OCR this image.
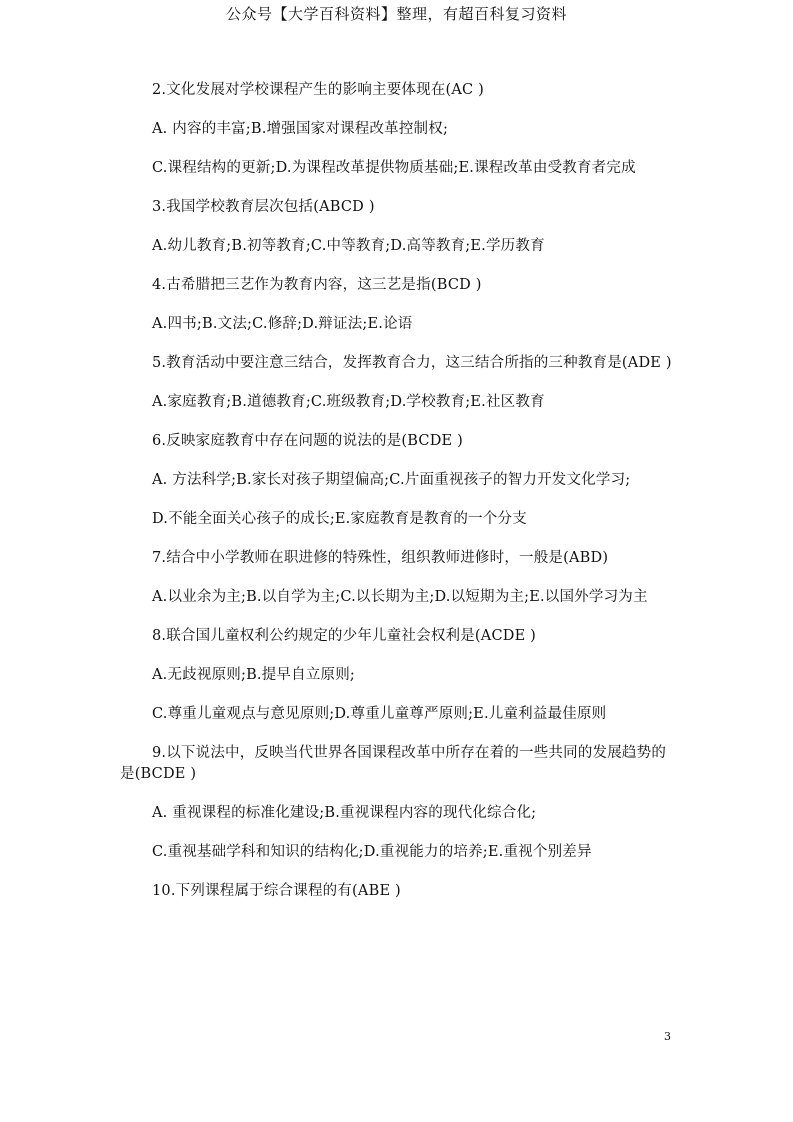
公众号【大学百科资料】整理，有超百科复习资料

2.文化发展对学校课程产生的影响主要体现在(AC )

A. 内容的丰富;B.增强国家对课程改革控制权;

C.课程结构的更新;D.为课程改革提供物质基础;E.课程改革由受教育者完成

3.我国学校教育层次包括(ABCD )

A.幼儿教育;B.初等教育;C.中等教育;D.高等教育;E.学历教育

4.古希腊把三艺作为教育内容，这三艺是指(BCD )

A.四书;B.文法;C.修辞;D.辩证法;E.论语

5.教育活动中要注意三结合，发挥教育合力，这三结合所指的三种教育是(ADE )

A.家庭教育;B.道德教育;C.班级教育;D.学校教育;E.社区教育

6.反映家庭教育中存在问题的说法的是(BCDE )

A. 方法科学;B.家长对孩子期望偏高;C.片面重视孩子的智力开发文化学习;

D.不能全面关心孩子的成长;E.家庭教育是教育的一个分支

7.结合中小学教师在职进修的特殊性，组织教师进修时，一般是(ABD)

A.以业余为主;B.以自学为主;C.以长期为主;D.以短期为主;E.以国外学习为主

8.联合国儿童权利公约规定的少年儿童社会权利是(ACDE )

A.无歧视原则;B.提早自立原则;

C.尊重儿童观点与意见原则;D.尊重儿童尊严原则;E.儿童利益最佳原则

9.以下说法中，反映当代世界各国课程改革中所存在着的一些共同的发展趋势的是(BCDE )

A. 重视课程的标准化建设;B.重视课程内容的现代化综合化;

C.重视基础学科和知识的结构化;D.重视能力的培养;E.重视个别差异

10.下列课程属于综合课程的有(ABE )

3
